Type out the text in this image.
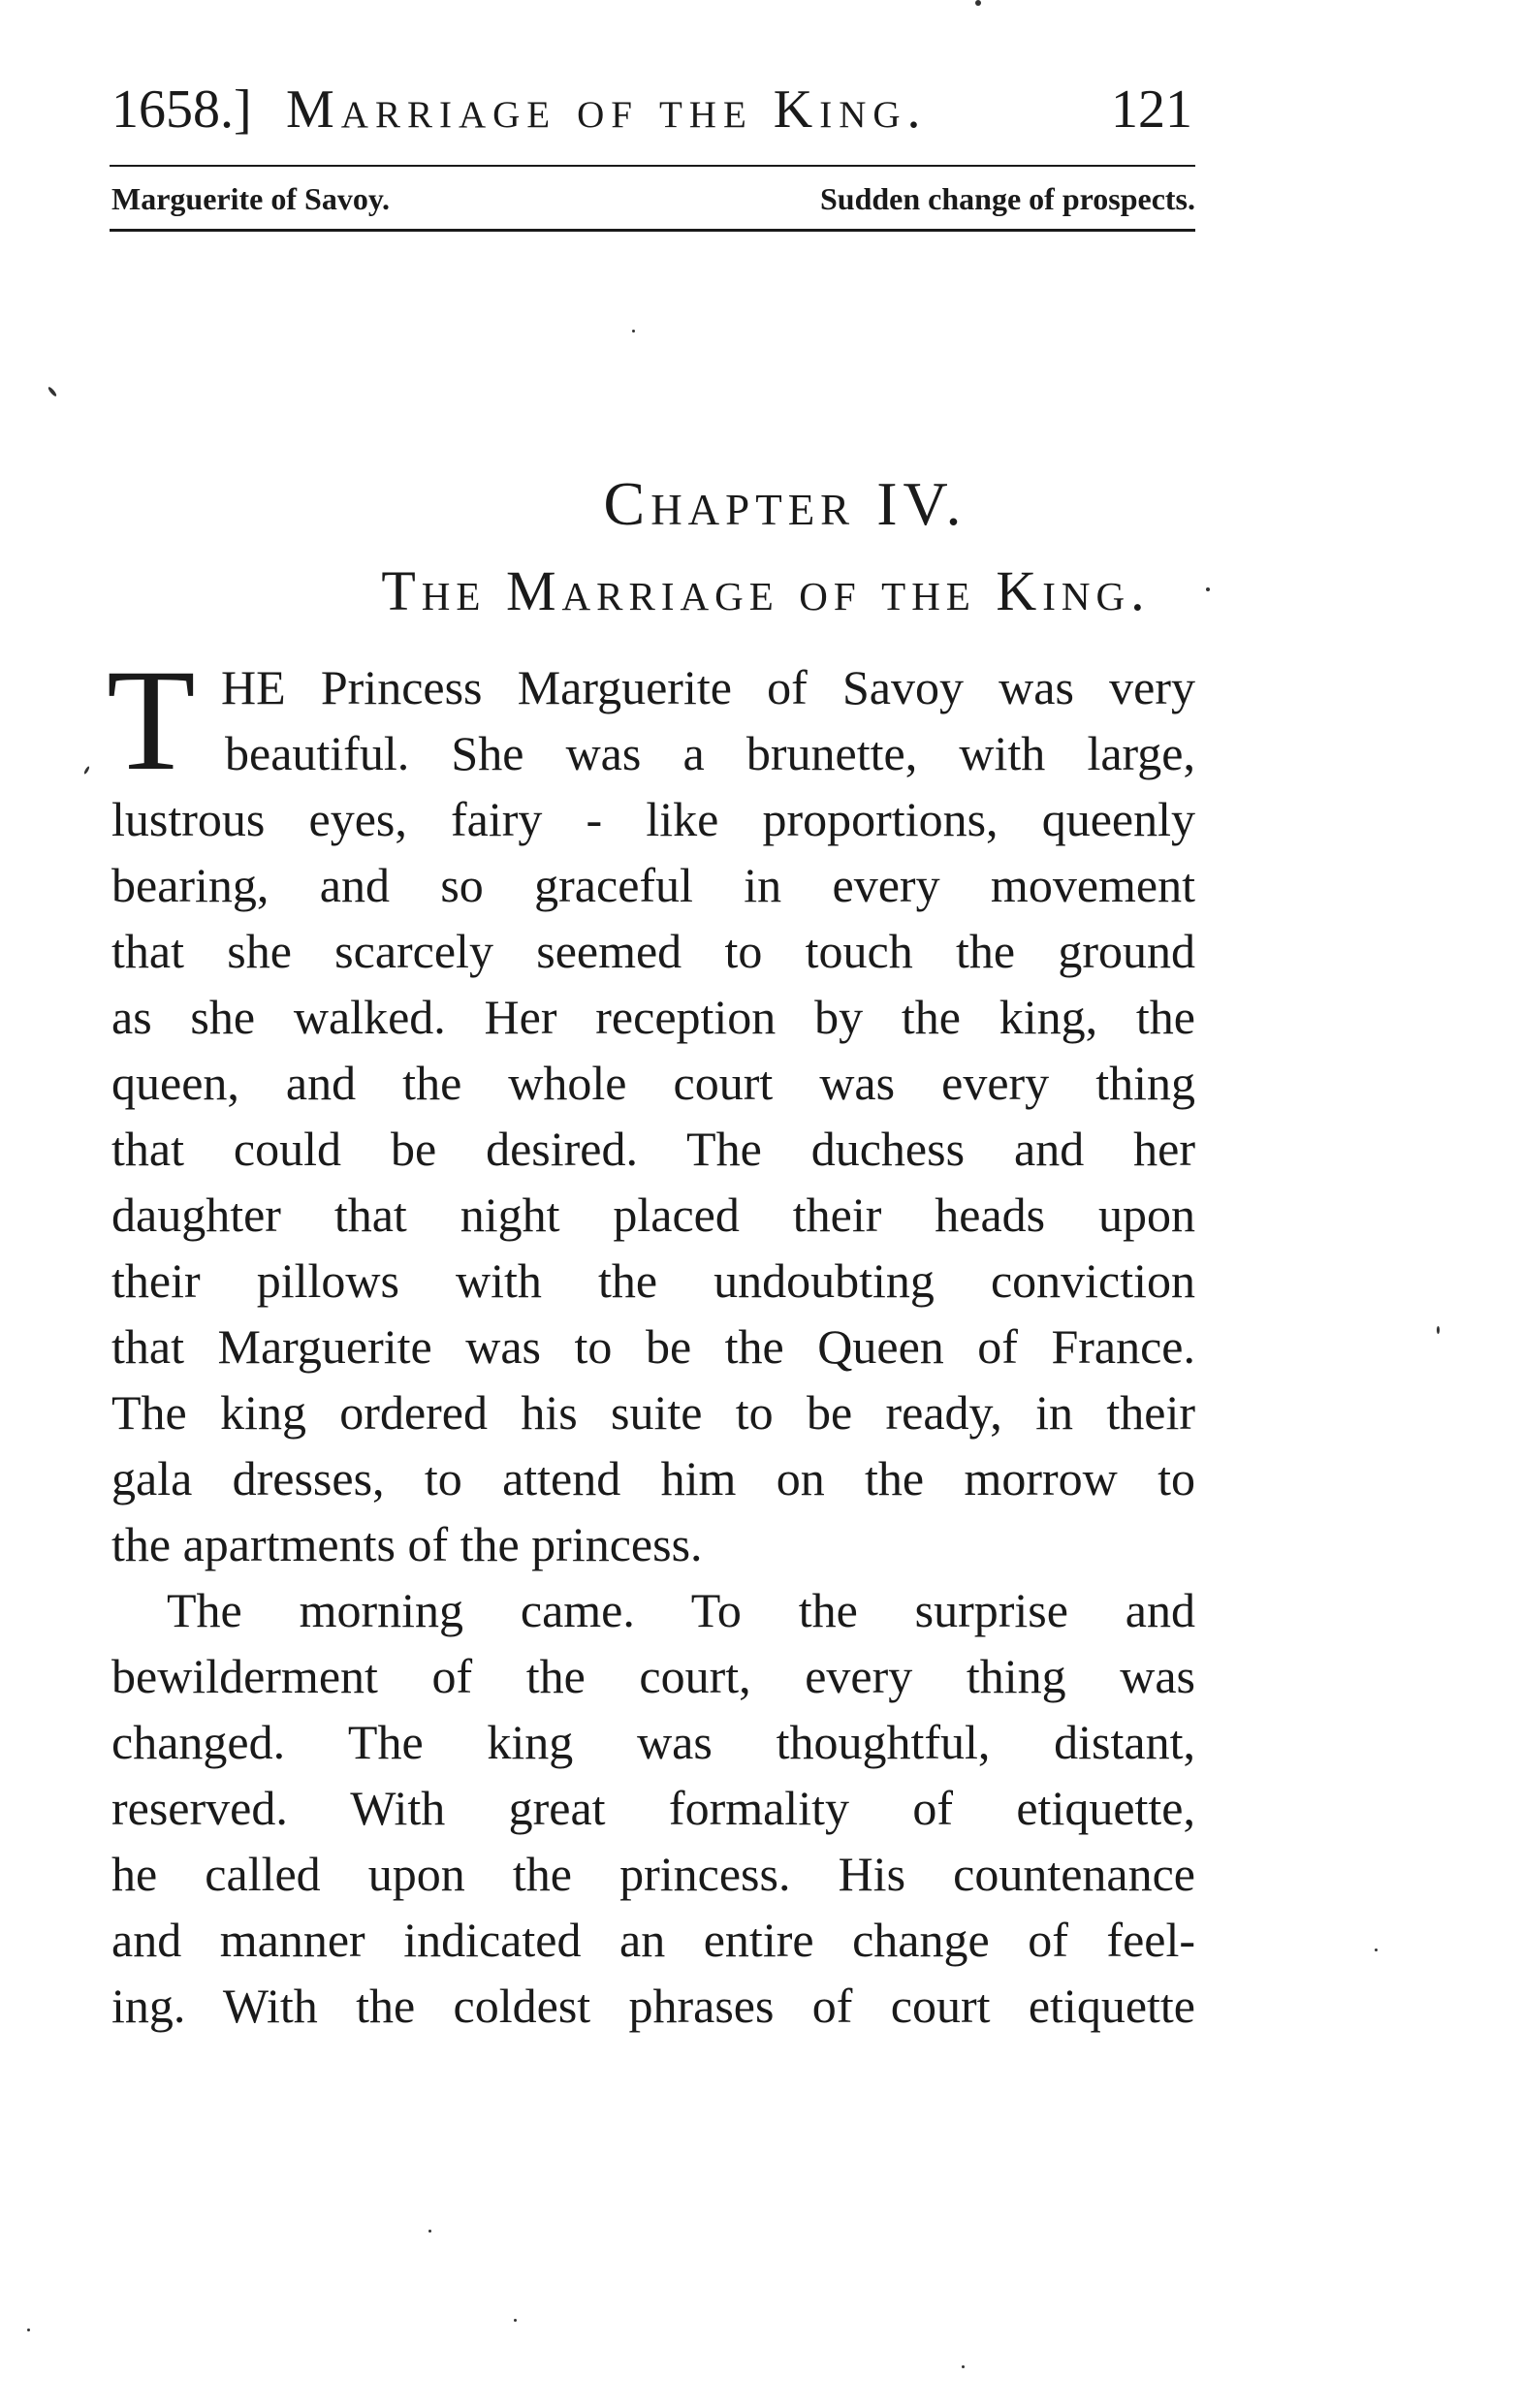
1658.] Marriage of the King.	121
Marguerite of Savoy.	Sudden change of prospects.
Chapter IV.
The Marriage of the King.
T HE Princess Marguerite of Savoy was very
beautiful. She was a brunette, with large,
lustrous eyes, fairy - like proportions, queenly
bearing, and so graceful in every movement
that she scarcely seemed to touch the ground
as she walked. Her reception by the king, the
queen, and the whole court was every thing
that could be desired. The duchess and her
daughter that night placed their heads upon
their pillows with the undoubting conviction
that Marguerite was to be the Queen of France.
The king ordered his suite to be ready, in their
gala dresses, to attend him on the morrow to
the apartments of the princess.
The morning came. To the surprise and
bewilderment of the court, every thing was
changed. The king was thoughtful, distant,
reserved. With great formality of etiquette,
he called upon the princess. His countenance
and manner indicated an entire change of feel-
ing. With the coldest phrases of court etiquette
